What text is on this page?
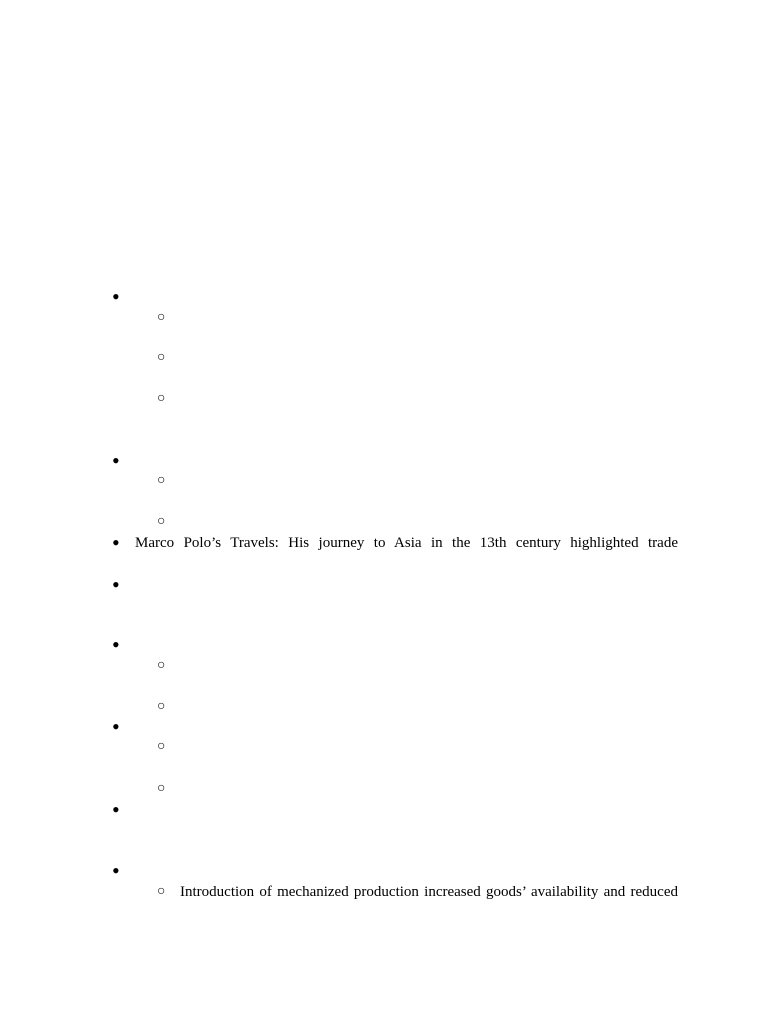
•
○
○
○
•
○
○
• Marco Polo’s Travels: His journey to Asia in the 13th century highlighted trade
•
•
○
○
•
○
○
•
•
○ Introduction of mechanized production increased goods’ availability and reduced
